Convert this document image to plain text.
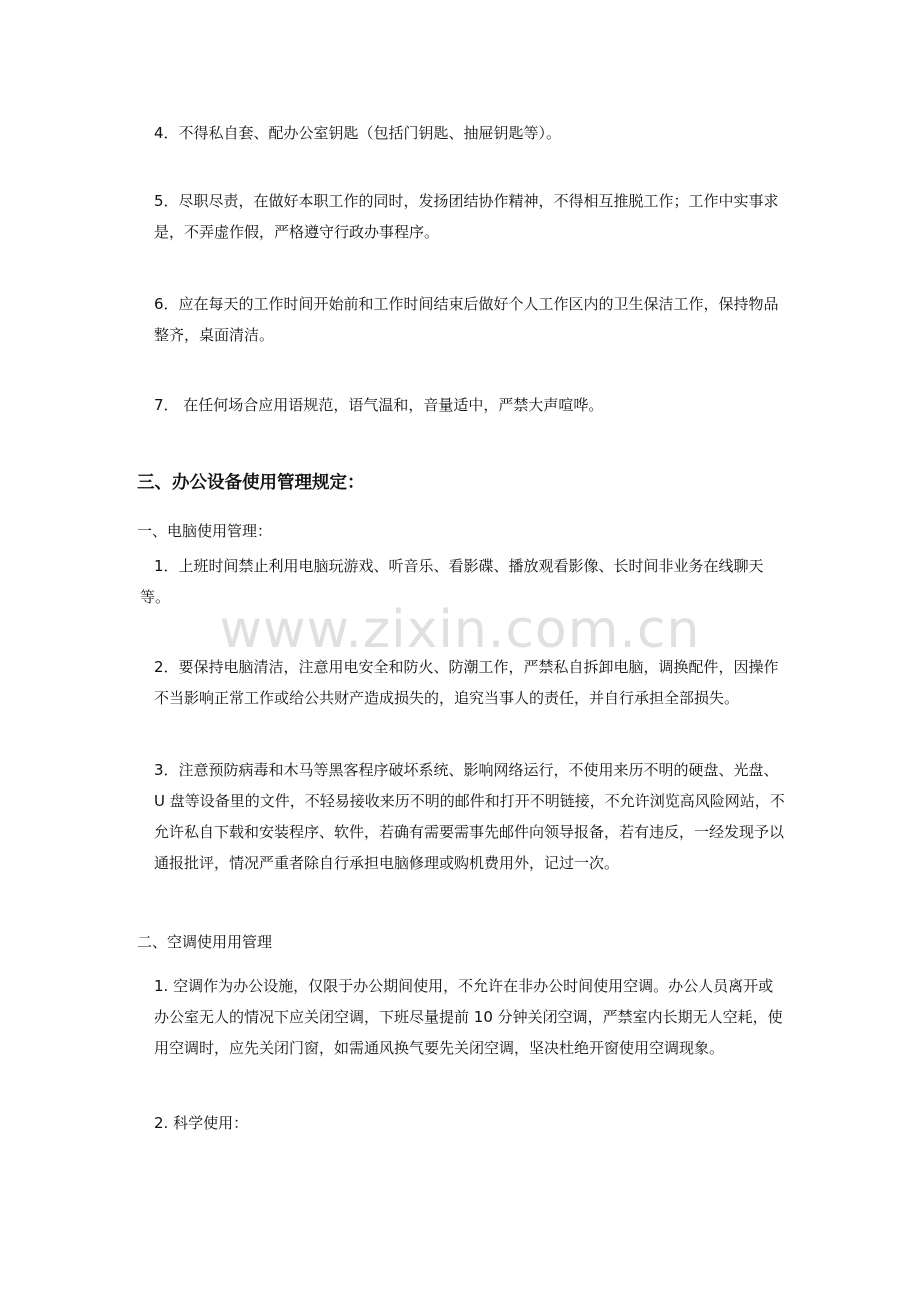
4．不得私自套、配办公室钥匙（包括门钥匙、抽屉钥匙等）。

5．尽职尽责，在做好本职工作的同时，发扬团结协作精神，不得相互推脱工作；工作中实事求是，不弄虚作假，严格遵守行政办事程序。

6．应在每天的工作时间开始前和工作时间结束后做好个人工作区内的卫生保洁工作，保持物品整齐，桌面清洁。

7． 在任何场合应用语规范，语气温和，音量适中，严禁大声喧哗。

三、办公设备使用管理规定：

一、电脑使用管理：

1．上班时间禁止利用电脑玩游戏、听音乐、看影碟、播放观看影像、长时间非业务在线聊天

等。

2．要保持电脑清洁，注意用电安全和防火、防潮工作，严禁私自拆卸电脑，调换配件，因操作不当影响正常工作或给公共财产造成损失的，追究当事人的责任，并自行承担全部损失。

3．注意预防病毒和木马等黑客程序破坏系统、影响网络运行，不使用来历不明的硬盘、光盘、U 盘等设备里的文件，不轻易接收来历不明的邮件和打开不明链接，不允许浏览高风险网站，不允许私自下载和安装程序、软件，若确有需要需事先邮件向领导报备，若有违反，一经发现予以通报批评，情况严重者除自行承担电脑修理或购机费用外，记过一次。

二、空调使用用管理

1. 空调作为办公设施，仅限于办公期间使用，不允许在非办公时间使用空调。办公人员离开或办公室无人的情况下应关闭空调，下班尽量提前 10 分钟关闭空调，严禁室内长期无人空耗，使用空调时，应先关闭门窗，如需通风换气要先关闭空调，坚决杜绝开窗使用空调现象。

2. 科学使用：

www.zixin.com.cn
